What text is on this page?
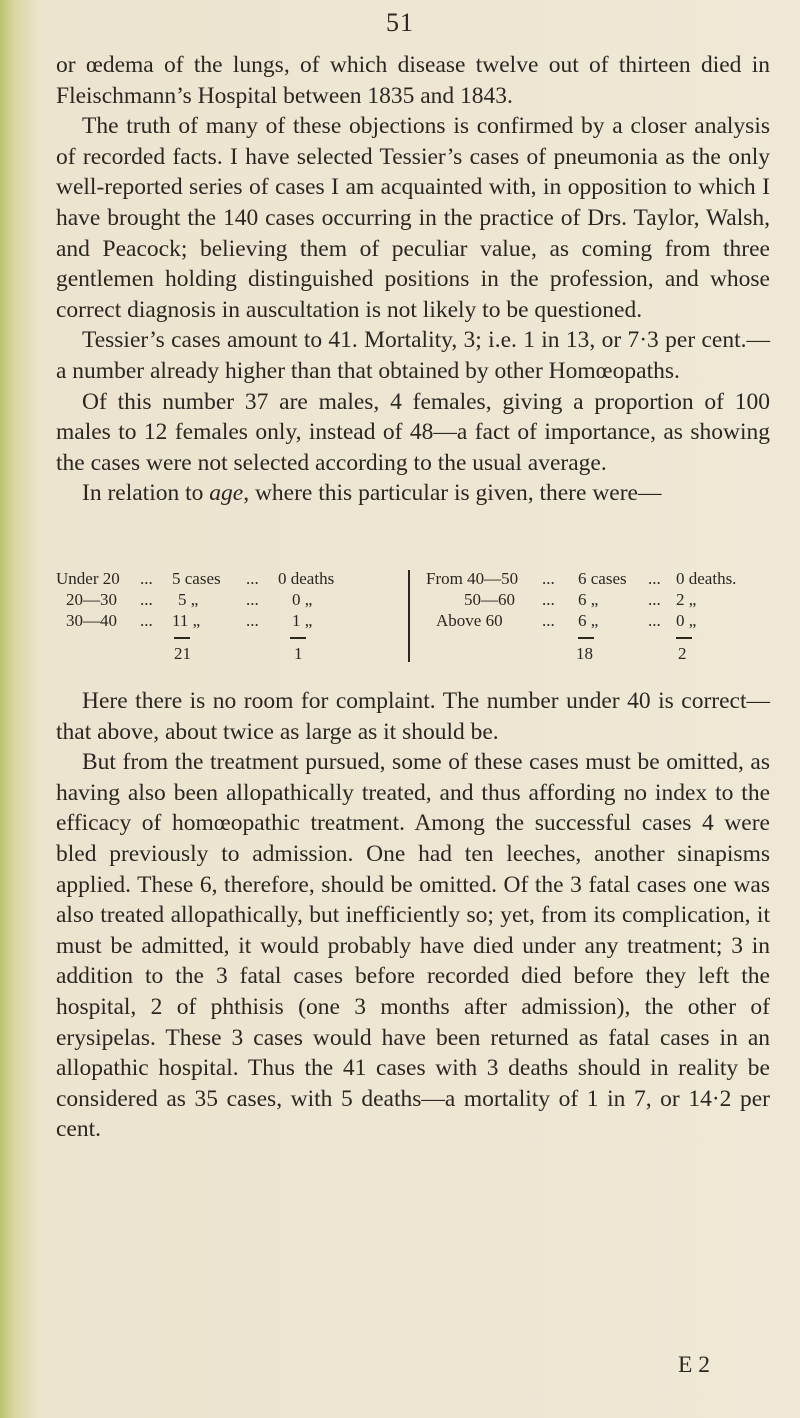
51

or œdema of the lungs, of which disease twelve out of thirteen died in Fleischmann’s Hospital between 1835 and 1843.

The truth of many of these objections is confirmed by a closer analysis of recorded facts. I have selected Tessier’s cases of pneumonia as the only well-reported series of cases I am acquainted with, in opposition to which I have brought the 140 cases occurring in the practice of Drs. Taylor, Walsh, and Peacock; believing them of peculiar value, as coming from three gentlemen holding distinguished positions in the profession, and whose correct diagnosis in auscultation is not likely to be questioned.

Tessier’s cases amount to 41. Mortality, 3; i.e. 1 in 13, or 7·3 per cent.—a number already higher than that obtained by other Homœopaths.

Of this number 37 are males, 4 females, giving a proportion of 100 males to 12 females only, instead of 48—a fact of importance, as showing the cases were not selected according to the usual average.

In relation to age, where this particular is given, there were—

Under 20 ... 5 cases ... 0 deaths
20—30 ... 5 „	... 0 „
30—40 ... 11 „	... 1 „
21	1
From 40—50 ... 6 cases ... 0 deaths.
50—60 ... 6 „	... 2 „
Above 60 ... 6 „	... 0 „
18	2

Here there is no room for complaint. The number under 40 is correct—that above, about twice as large as it should be.

But from the treatment pursued, some of these cases must be omitted, as having also been allopathically treated, and thus affording no index to the efficacy of homœopathic treatment. Among the successful cases 4 were bled previously to admission. One had ten leeches, another sinapisms applied. These 6, therefore, should be omitted. Of the 3 fatal cases one was also treated allopathically, but inefficiently so; yet, from its complication, it must be admitted, it would probably have died under any treatment; 3 in addition to the 3 fatal cases before recorded died before they left the hospital, 2 of phthisis (one 3 months after admission), the other of erysipelas. These 3 cases would have been returned as fatal cases in an allopathic hospital. Thus the 41 cases with 3 deaths should in reality be considered as 35 cases, with 5 deaths—a mortality of 1 in 7, or 14·2 per cent.

E 2
